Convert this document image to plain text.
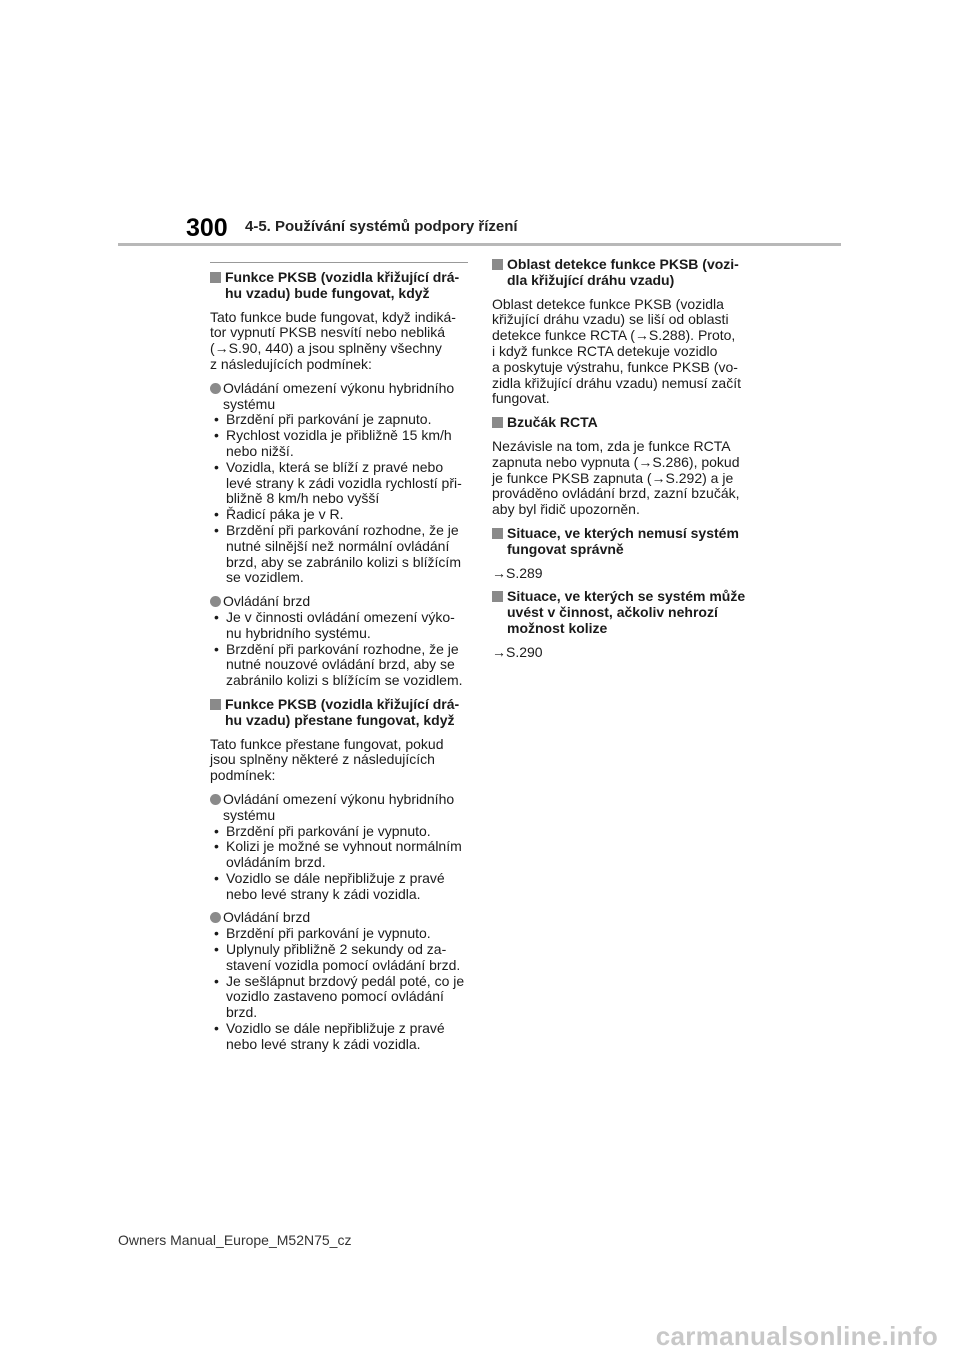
300 4-5. Používání systémů podpory řízení
Funkce PKSB (vozidla křižující drá-
hu vzadu) bude fungovat, když
Tato funkce bude fungovat, když indiká-
tor vypnutí PKSB nesvítí nebo nebliká
(→S.90, 440) a jsou splněny všechny
z následujících podmínek:
Ovládání omezení výkonu hybridního
systému
• Brzdění při parkování je zapnuto.
• Rychlost vozidla je přibližně 15 km/h
nebo nižší.
• Vozidla, která se blíží z pravé nebo
levé strany k zádi vozidla rychlostí při-
bližně 8 km/h nebo vyšší
• Řadicí páka je v R.
• Brzdění při parkování rozhodne, že je
nutné silnější než normální ovládání
brzd, aby se zabránilo kolizi s blížícím
se vozidlem.
Ovládání brzd
• Je v činnosti ovládání omezení výko-
nu hybridního systému.
• Brzdění při parkování rozhodne, že je
nutné nouzové ovládání brzd, aby se
zabránilo kolizi s blížícím se vozidlem.
Funkce PKSB (vozidla křižující drá-
hu vzadu) přestane fungovat, když
Tato funkce přestane fungovat, pokud
jsou splněny některé z následujících
podmínek:
Ovládání omezení výkonu hybridního
systému
• Brzdění při parkování je vypnuto.
• Kolizi je možné se vyhnout normálním
ovládáním brzd.
• Vozidlo se dále nepřibližuje z pravé
nebo levé strany k zádi vozidla.
Ovládání brzd
• Brzdění při parkování je vypnuto.
• Uplynuly přibližně 2 sekundy od za-
stavení vozidla pomocí ovládání brzd.
• Je sešlápnut brzdový pedál poté, co je
vozidlo zastaveno pomocí ovládání
brzd.
• Vozidlo se dále nepřibližuje z pravé
nebo levé strany k zádi vozidla.
Oblast detekce funkce PKSB (vozi-
dla křižující dráhu vzadu)
Oblast detekce funkce PKSB (vozidla
křižující dráhu vzadu) se liší od oblasti
detekce funkce RCTA (→S.288). Proto,
i když funkce RCTA detekuje vozidlo
a poskytuje výstrahu, funkce PKSB (vo-
zidla křižující dráhu vzadu) nemusí začít
fungovat.
Bzučák RCTA
Nezávisle na tom, zda je funkce RCTA
zapnuta nebo vypnuta (→S.286), pokud
je funkce PKSB zapnuta (→S.292) a je
prováděno ovládání brzd, zazní bzučák,
aby byl řidič upozorněn.
Situace, ve kterých nemusí systém
fungovat správně
→S.289
Situace, ve kterých se systém může
uvést v činnost, ačkoliv nehrozí
možnost kolize
→S.290
Owners Manual_Europe_M52N75_cz
carmanualsonline.info
